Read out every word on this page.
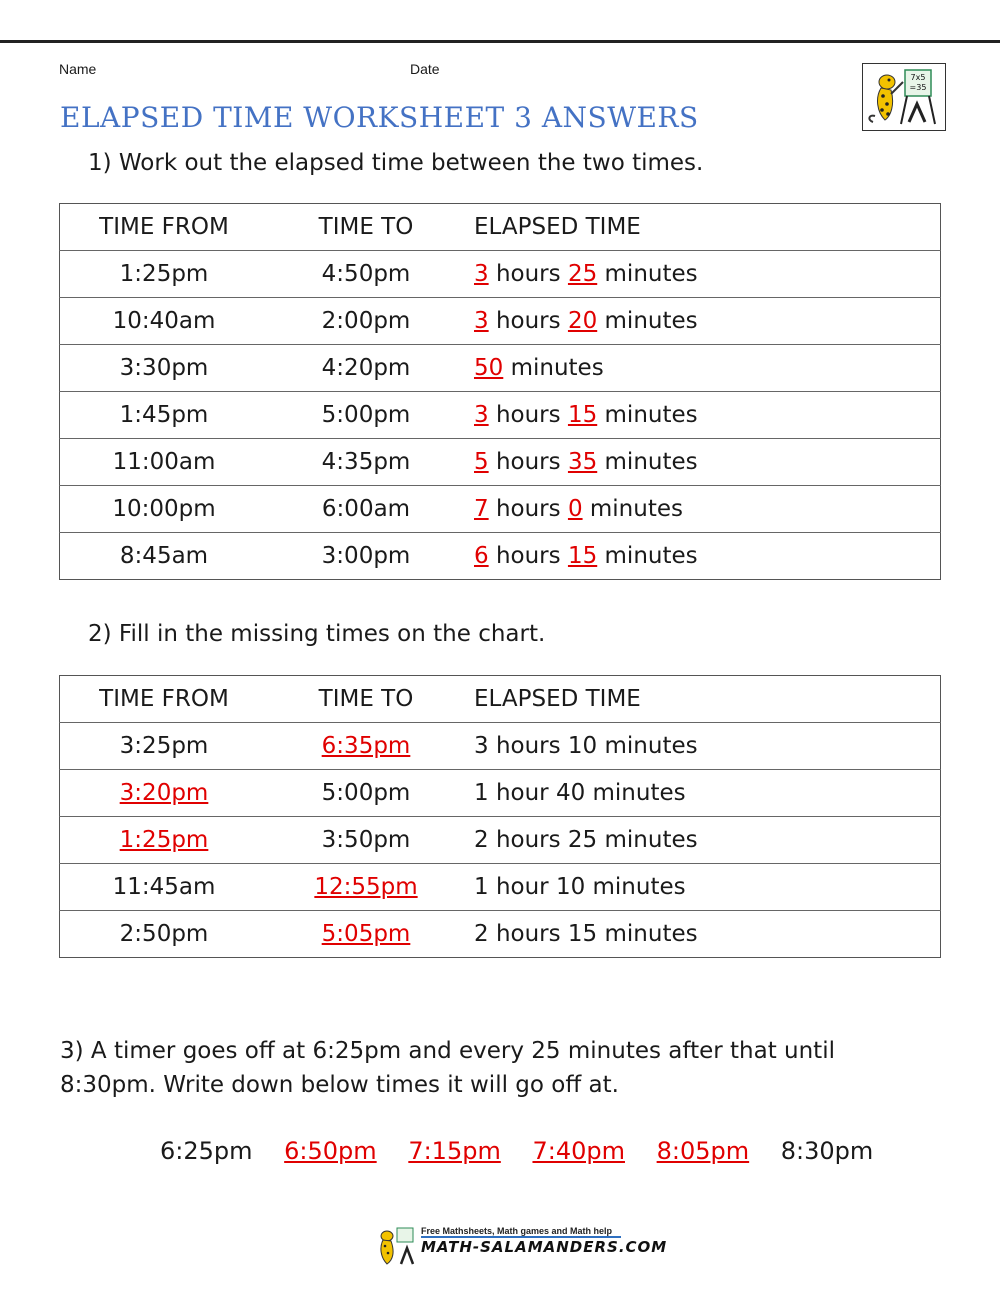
Name	Date
ELAPSED TIME WORKSHEET 3 ANSWERS
7x5
=35
1) Work out the elapsed time between the two times.
TIME FROM	TIME TO	ELAPSED TIME
1:25pm	4:50pm	3 hours 25 minutes
10:40am	2:00pm	3 hours 20 minutes
3:30pm	4:20pm	50 minutes
1:45pm	5:00pm	3 hours 15 minutes
11:00am	4:35pm	5 hours 35 minutes
10:00pm	6:00am	7 hours 0 minutes
8:45am	3:00pm	6 hours 15 minutes
2) Fill in the missing times on the chart.
TIME FROM	TIME TO	ELAPSED TIME
3:25pm	6:35pm	3 hours 10 minutes
3:20pm	5:00pm	1 hour 40 minutes
1:25pm	3:50pm	2 hours 25 minutes
11:45am	12:55pm	1 hour 10 minutes
2:50pm	5:05pm	2 hours 15 minutes
3) A timer goes off at 6:25pm and every 25 minutes after that until
8:30pm. Write down below times it will go off at.
6:25pm 6:50pm 7:15pm 7:40pm 8:05pm 8:30pm
Free Mathsheets, Math games and Math help
MATH-SALAMANDERS.COM
